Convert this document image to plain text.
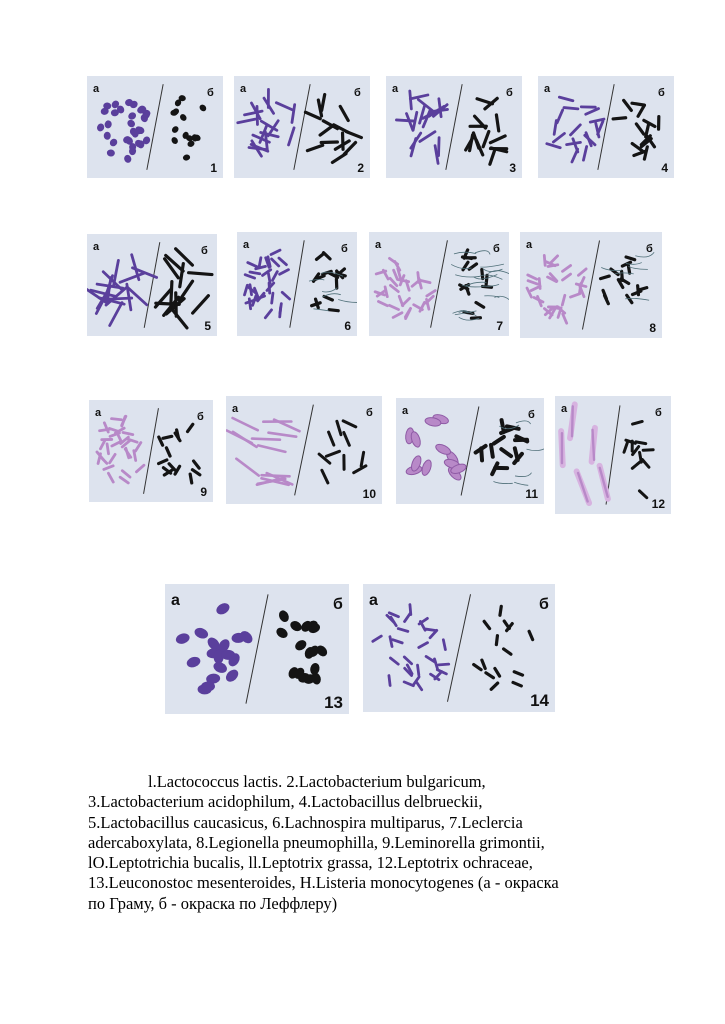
а	б
1
а	б
2
а	б
3
а	б
4
а	б
5
а	б
6
а	б
7
а	б
8
а	б
9
а	б
10
а	б
11
а	б
12
а	б
13
а	б
14
l.Lactococcus lactis. 2.Lactobacterium bulgaricum,
3.Lactobacterium acidophilum, 4.Lactobacillus delbrueckii,
5.Lactobacillus caucasicus, 6.Lachnospira multiparus, 7.Leclercia
adercaboxylata, 8.Legionella pneumophilla, 9.Leminorella grimontii,
lO.Leptotrichia bucalis, ll.Leptotrix grassa, 12.Leptotrix ochraceae,
13.Leuconostoc mesenteroides, H.Listeria monocytogenes (а - окраска
по Граму, б - окраска по Леффлеру)
